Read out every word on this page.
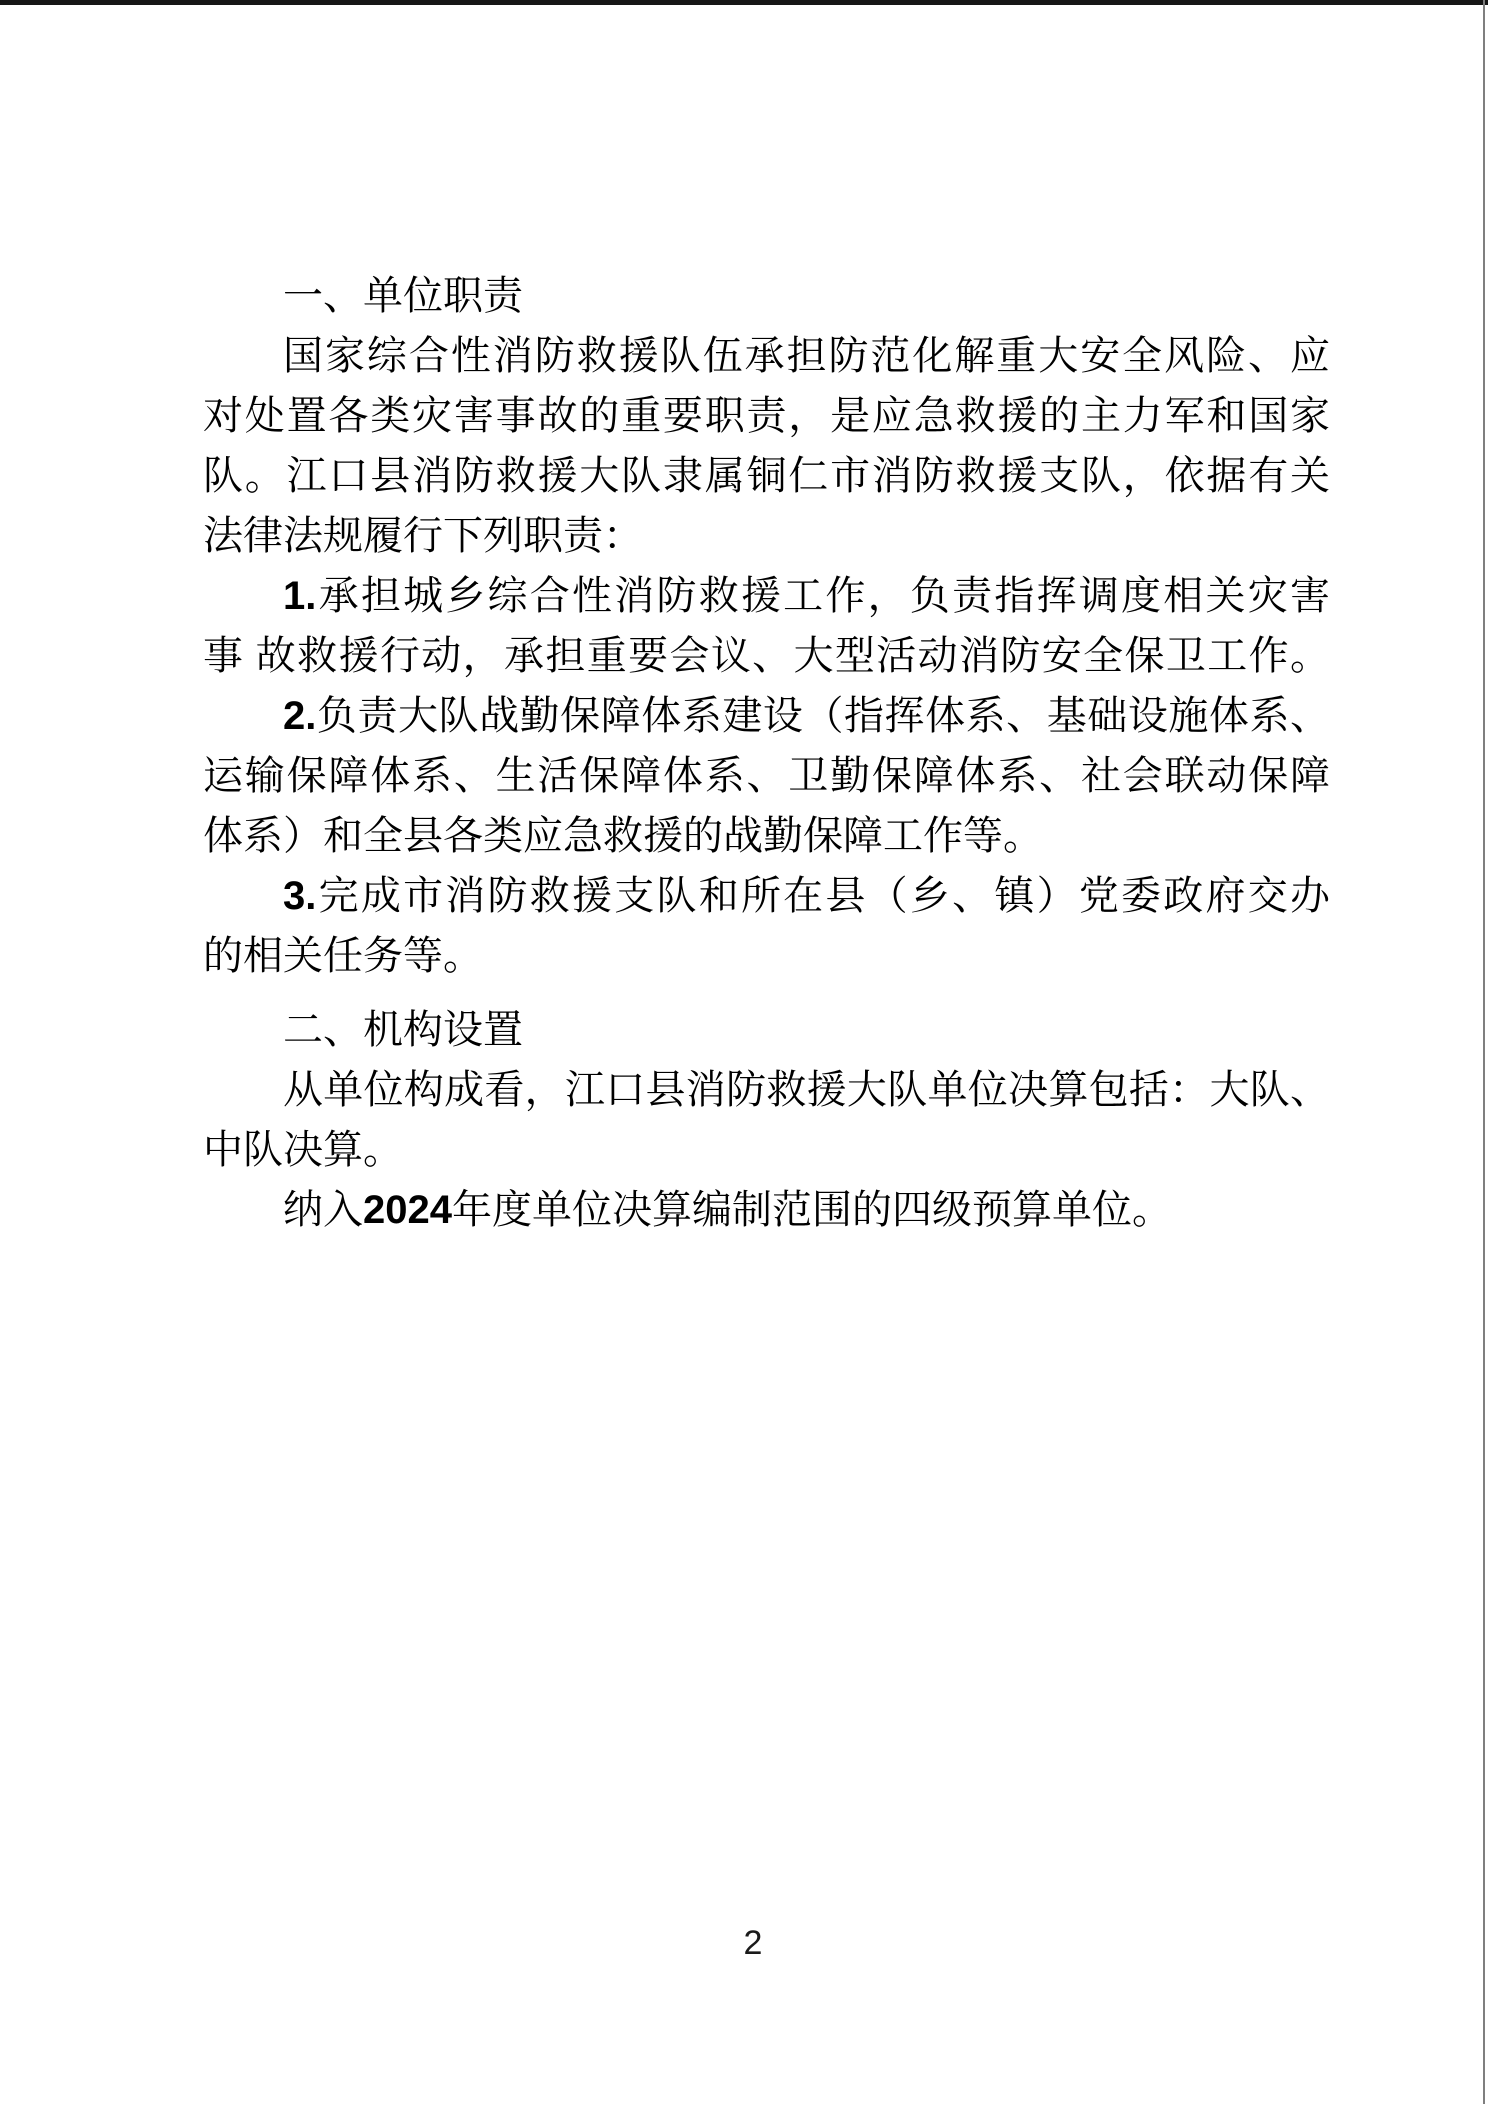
一、单位职责
国家综合性消防救援队伍承担防范化解重大安全风险、应
对处置各类灾害事故的重要职责，是应急救援的主力军和国家
队。江口县消防救援大队隶属铜仁市消防救援支队，依据有关
法律法规履行下列职责：
1.承担城乡综合性消防救援工作，负责指挥调度相关灾害
事 故救援行动，承担重要会议、大型活动消防安全保卫工作。
2.负责大队战勤保障体系建设（指挥体系、基础设施体系、
运输保障体系、生活保障体系、卫勤保障体系、社会联动保障
体系）和全县各类应急救援的战勤保障工作等。
3.完成市消防救援支队和所在县（乡、镇）党委政府交办
的相关任务等。
二、机构设置
从单位构成看，江口县消防救援大队单位决算包括：大队、
中队决算。
纳入2024年度单位决算编制范围的四级预算单位。
2
